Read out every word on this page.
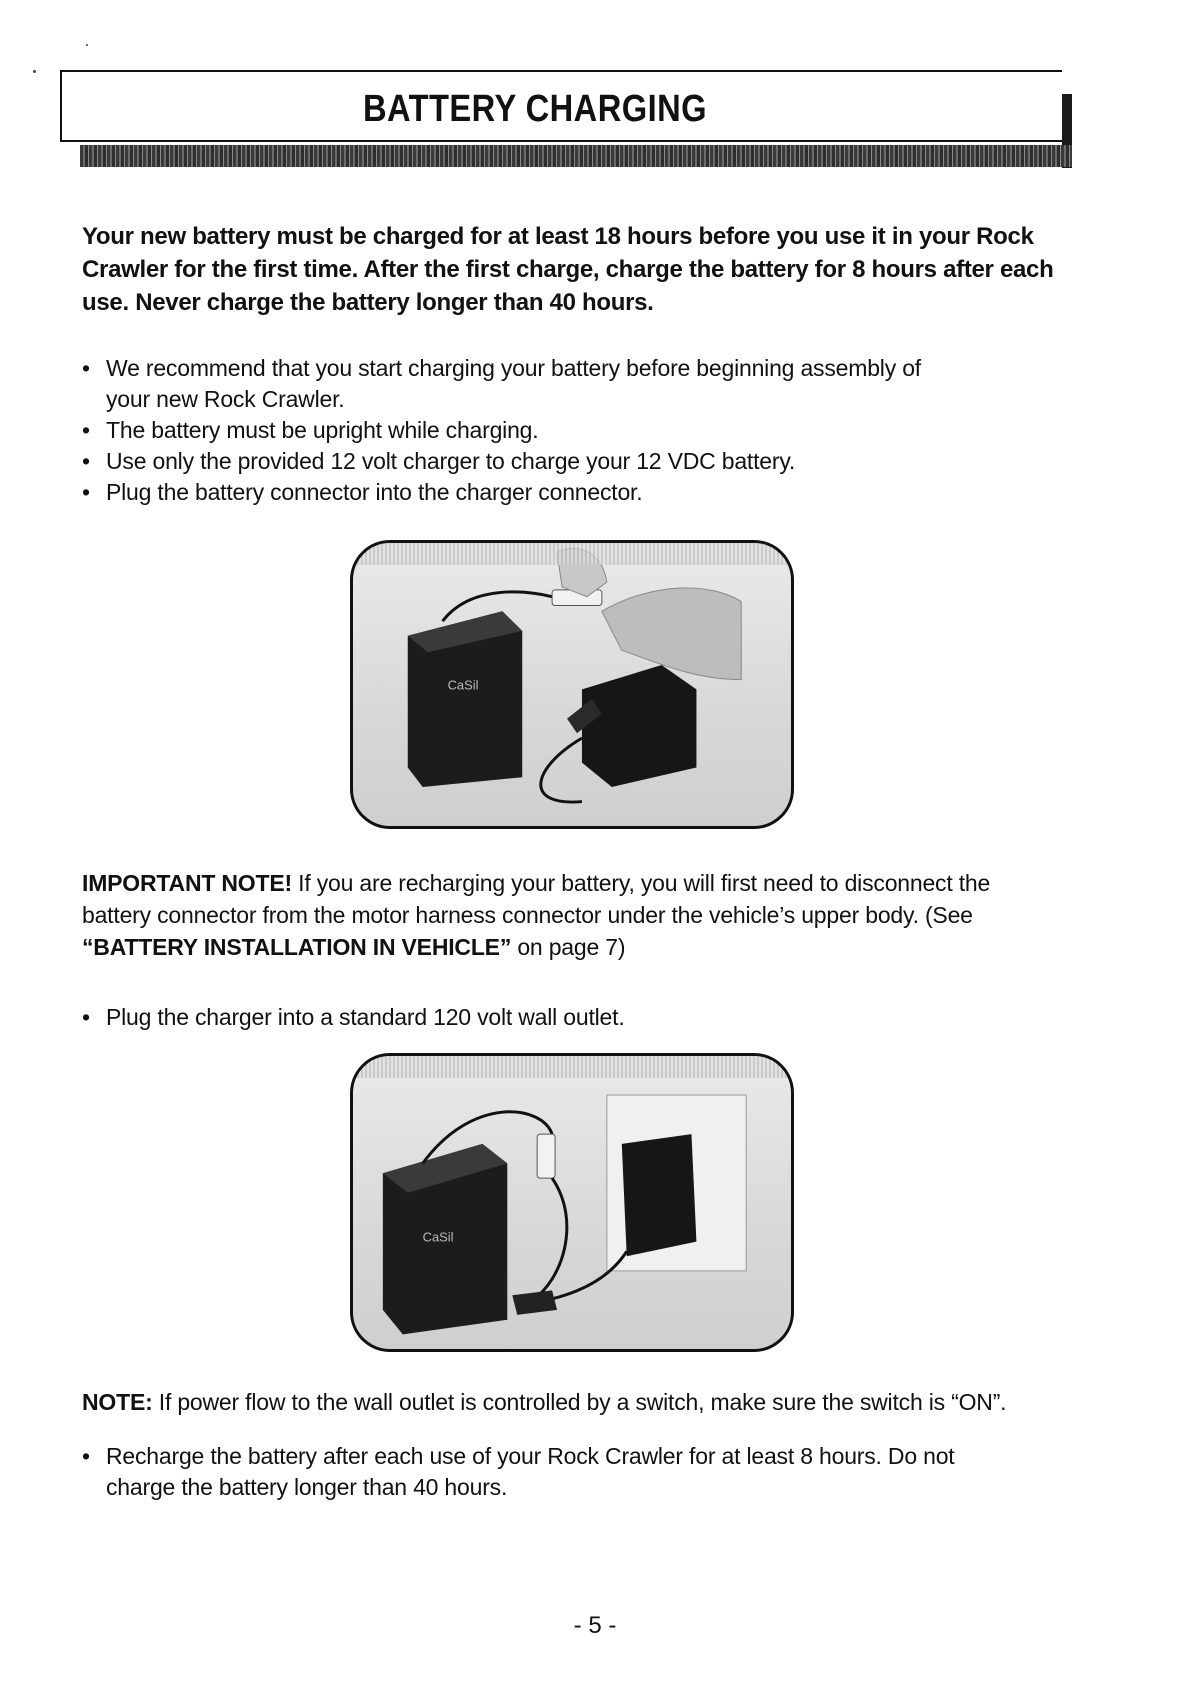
BATTERY CHARGING

Your new battery must be charged for at least 18 hours before you use it in your Rock
Crawler for the first time. After the first charge, charge the battery for 8 hours after each
use. Never charge the battery longer than 40 hours.

• We recommend that you start charging your battery before beginning assembly of
your new Rock Crawler.
• The battery must be upright while charging.
• Use only the provided 12 volt charger to charge your 12 VDC battery.
• Plug the battery connector into the charger connector.
CaSil

IMPORTANT NOTE! If you are recharging your battery, you will first need to disconnect the
battery connector from the motor harness connector under the vehicle’s upper body. (See
“BATTERY INSTALLATION IN VEHICLE” on page 7)

• Plug the charger into a standard 120 volt wall outlet.
CaSil

NOTE: If power flow to the wall outlet is controlled by a switch, make sure the switch is “ON”.

• Recharge the battery after each use of your Rock Crawler for at least 8 hours. Do not
charge the battery longer than 40 hours.
- 5 -
